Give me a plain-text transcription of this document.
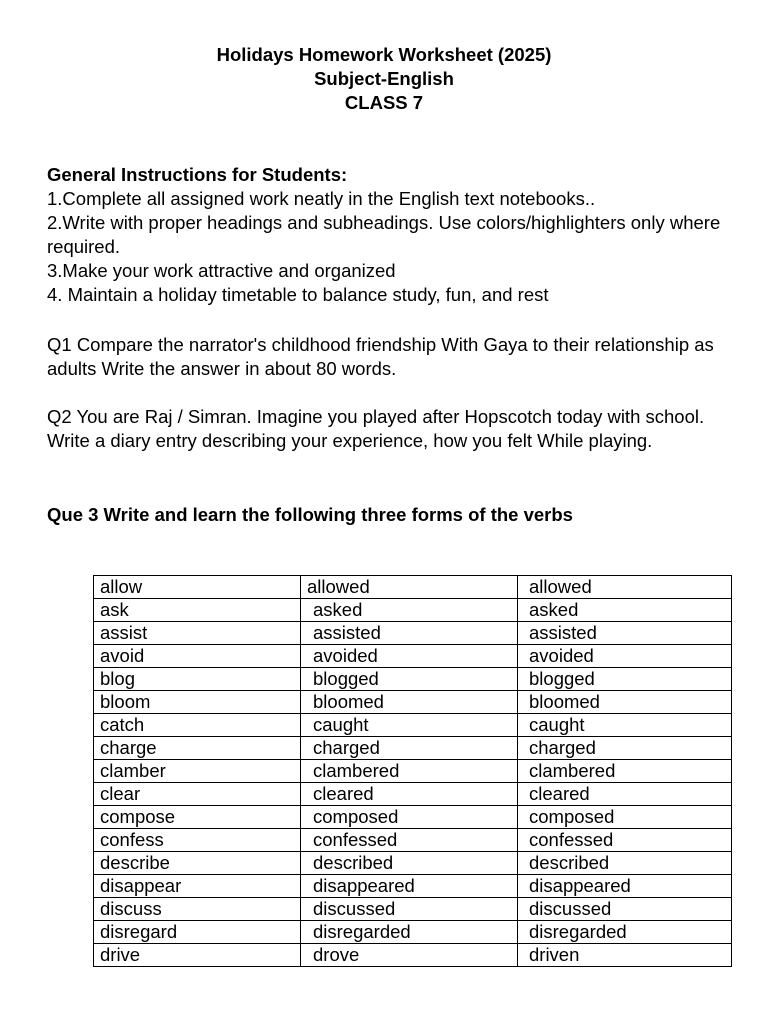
Holidays Homework Worksheet (2025)
Subject-English
CLASS 7
General Instructions for Students:
1.Complete all assigned work neatly in the English text notebooks..
2.Write with proper headings and subheadings. Use colors/highlighters only where required.
3.Make your work attractive and organized
4. Maintain a holiday timetable to balance study, fun, and rest
Q1 Compare the narrator's childhood friendship With Gaya to their relationship as adults Write the answer in about 80 words.
Q2 You are Raj / Simran. Imagine you played after Hopscotch today with school. Write a diary entry describing your experience, how you felt While playing.
Que 3 Write and learn the following three forms of the verbs
allow	allowed	allowed
ask	asked	asked
assist	assisted	assisted
avoid	avoided	avoided
blog	blogged	blogged
bloom	bloomed	bloomed
catch	caught	caught
charge	charged	charged
clamber	clambered	clambered
clear	cleared	cleared
compose	composed	composed
confess	confessed	confessed
describe	described	described
disappear	disappeared	disappeared
discuss	discussed	discussed
disregard	disregarded	disregarded
drive	drove	driven
